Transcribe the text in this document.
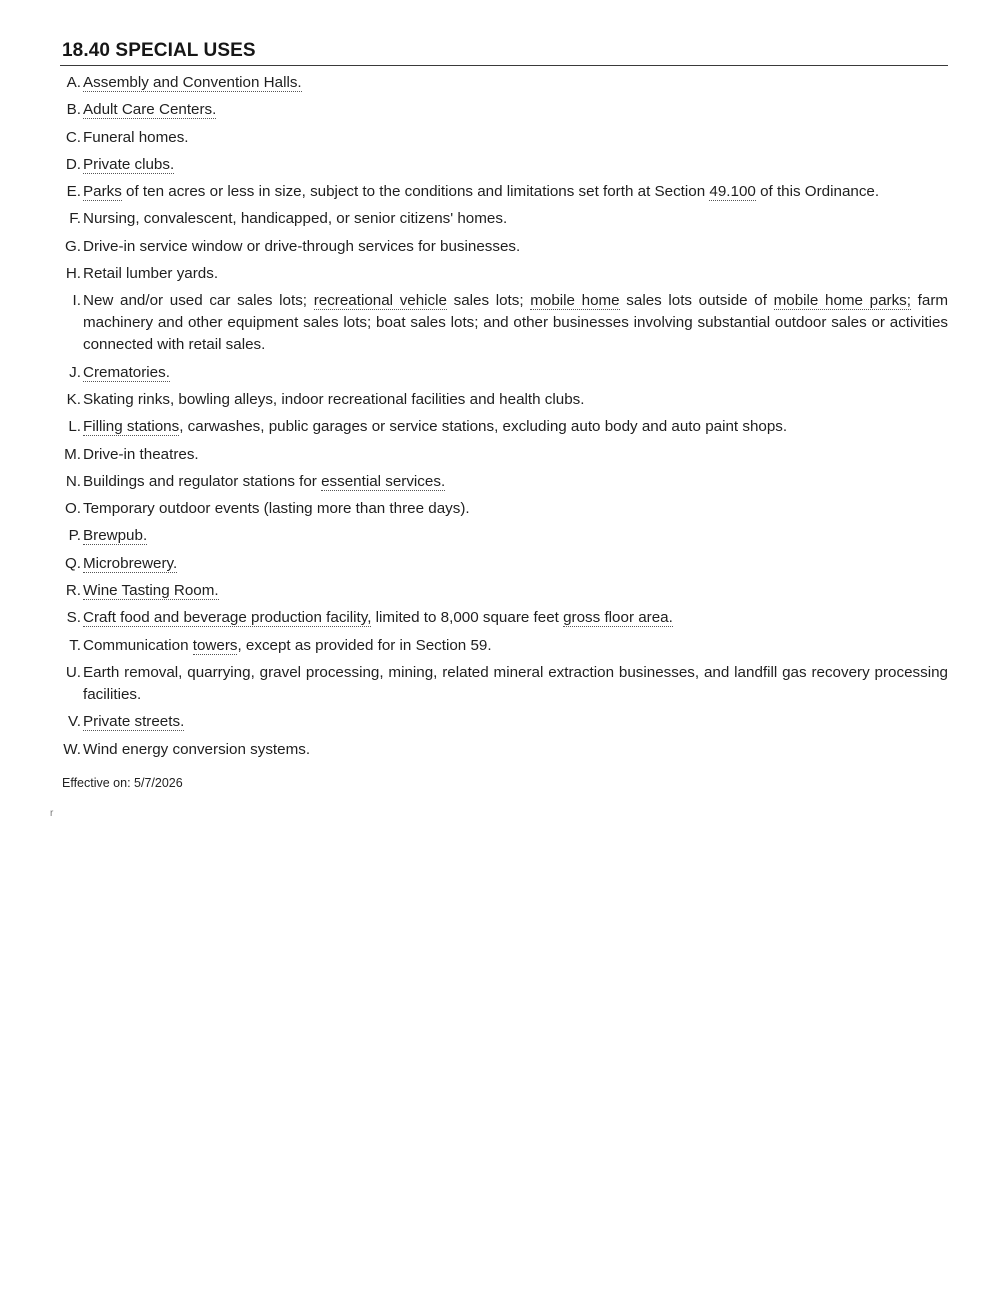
18.40 SPECIAL USES
A. Assembly and Convention Halls.
B. Adult Care Centers.
C. Funeral homes.
D. Private clubs.
E. Parks of ten acres or less in size, subject to the conditions and limitations set forth at Section 49.100 of this Ordinance.
F. Nursing, convalescent, handicapped, or senior citizens' homes.
G. Drive-in service window or drive-through services for businesses.
H. Retail lumber yards.
I. New and/or used car sales lots; recreational vehicle sales lots; mobile home sales lots outside of mobile home parks; farm machinery and other equipment sales lots; boat sales lots; and other businesses involving substantial outdoor sales or activities connected with retail sales.
J. Crematories.
K. Skating rinks, bowling alleys, indoor recreational facilities and health clubs.
L. Filling stations, carwashes, public garages or service stations, excluding auto body and auto paint shops.
M. Drive-in theatres.
N. Buildings and regulator stations for essential services.
O. Temporary outdoor events (lasting more than three days).
P. Brewpub.
Q. Microbrewery.
R. Wine Tasting Room.
S. Craft food and beverage production facility, limited to 8,000 square feet gross floor area.
T. Communication towers, except as provided for in Section 59.
U. Earth removal, quarrying, gravel processing, mining, related mineral extraction businesses, and landfill gas recovery processing facilities.
V. Private streets.
W. Wind energy conversion systems.
Effective on: 5/7/2026
r
